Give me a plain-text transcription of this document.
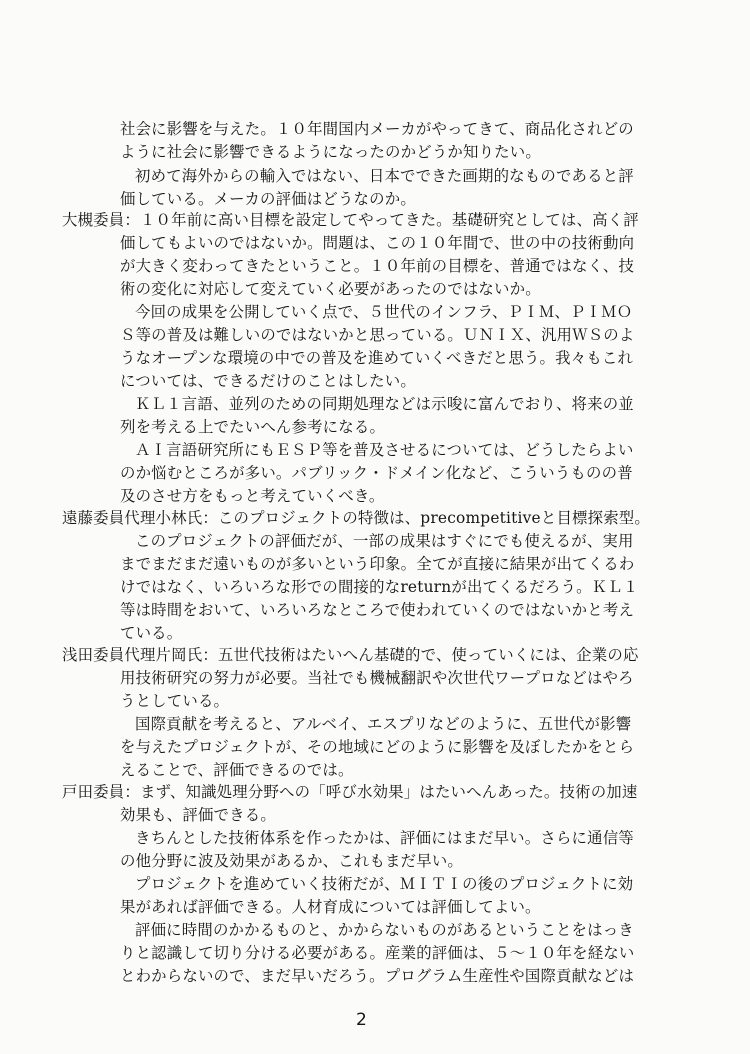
社会に影響を与えた。１０年間国内メーカがやってきて、商品化されどの
ように社会に影響できるようになったのかどうか知りたい。
初めて海外からの輸入ではない、日本でできた画期的なものであると評
価している。メーカの評価はどうなのか。
大槻委員：１０年前に高い目標を設定してやってきた。基礎研究としては、高く評
価してもよいのではないか。問題は、この１０年間で、世の中の技術動向
が大きく変わってきたということ。１０年前の目標を、普通ではなく、技
術の変化に対応して変えていく必要があったのではないか。
今回の成果を公開していく点で、５世代のインフラ、ＰＩＭ、ＰＩＭＯ
Ｓ等の普及は難しいのではないかと思っている。ＵＮＩＸ、汎用ＷＳのよ
うなオープンな環境の中での普及を進めていくべきだと思う。我々もこれ
については、できるだけのことはしたい。
ＫＬ１言語、並列のための同期処理などは示唆に富んでおり、将来の並
列を考える上でたいへん参考になる。
ＡＩ言語研究所にもＥＳＰ等を普及させるについては、どうしたらよい
のか悩むところが多い。パブリック・ドメイン化など、こういうものの普
及のさせ方をもっと考えていくべき。
遠藤委員代理小林氏：このプロジェクトの特徴は、precompetitiveと目標探索型。
このプロジェクトの評価だが、一部の成果はすぐにでも使えるが、実用
までまだまだ遠いものが多いという印象。全てが直接に結果が出てくるわ
けではなく、いろいろな形での間接的なreturnが出てくるだろう。ＫＬ１
等は時間をおいて、いろいろなところで使われていくのではないかと考え
ている。
浅田委員代理片岡氏：五世代技術はたいへん基礎的で、使っていくには、企業の応
用技術研究の努力が必要。当社でも機械翻訳や次世代ワープロなどはやろ
うとしている。
国際貢献を考えると、アルベイ、エスプリなどのように、五世代が影響
を与えたプロジェクトが、その地域にどのように影響を及ぼしたかをとら
えることで、評価できるのでは。
戸田委員：まず、知識処理分野への「呼び水効果」はたいへんあった。技術の加速
効果も、評価できる。
きちんとした技術体系を作ったかは、評価にはまだ早い。さらに通信等
の他分野に波及効果があるか、これもまだ早い。
プロジェクトを進めていく技術だが、ＭＩＴＩの後のプロジェクトに効
果があれば評価できる。人材育成については評価してよい。
評価に時間のかかるものと、かからないものがあるということをはっき
りと認識して切り分ける必要がある。産業的評価は、５～１０年を経ない
とわからないので、まだ早いだろう。プログラム生産性や国際貢献などは
2
